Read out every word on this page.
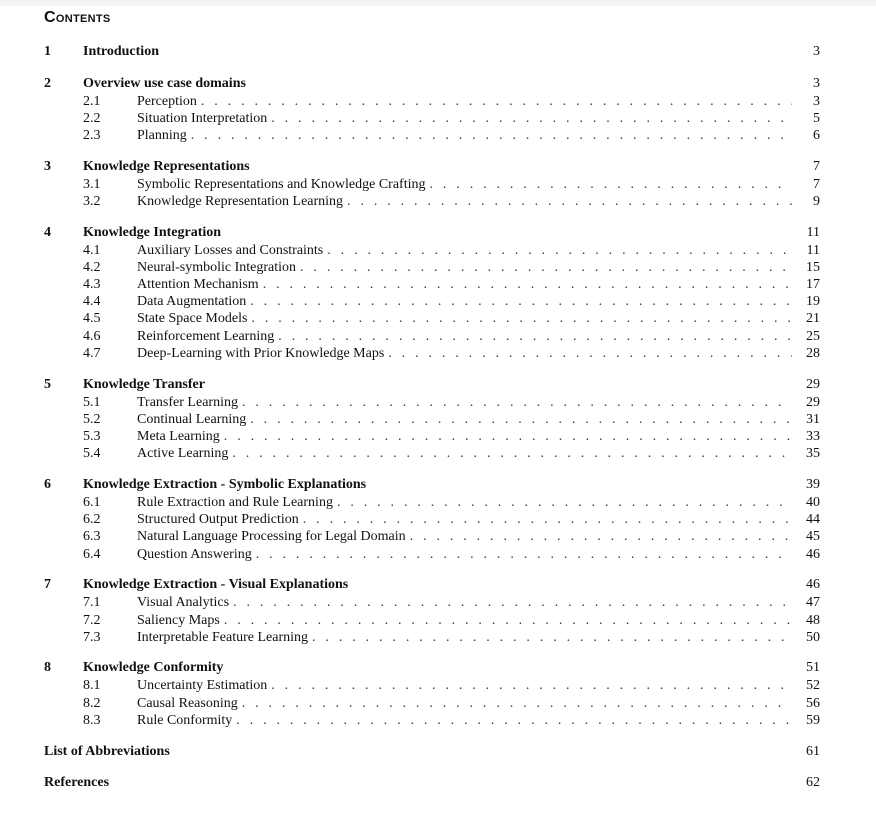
Contents
1	Introduction	3
2	Overview use case domains	3
2.1	Perception . . .	3
2.2	Situation Interpretation . . .	5
2.3	Planning . . .	6
3	Knowledge Representations	7
3.1	Symbolic Representations and Knowledge Crafting . . .	7
3.2	Knowledge Representation Learning . . .	9
4	Knowledge Integration	11
4.1	Auxiliary Losses and Constraints . . .	11
4.2	Neural-symbolic Integration . . .	15
4.3	Attention Mechanism . . .	17
4.4	Data Augmentation . . .	19
4.5	State Space Models . . .	21
4.6	Reinforcement Learning . . .	25
4.7	Deep-Learning with Prior Knowledge Maps . . .	28
5	Knowledge Transfer	29
5.1	Transfer Learning . . .	29
5.2	Continual Learning . . .	31
5.3	Meta Learning . . .	33
5.4	Active Learning . . .	35
6	Knowledge Extraction - Symbolic Explanations	39
6.1	Rule Extraction and Rule Learning . . .	40
6.2	Structured Output Prediction . . .	44
6.3	Natural Language Processing for Legal Domain . . .	45
6.4	Question Answering . . .	46
7	Knowledge Extraction - Visual Explanations	46
7.1	Visual Analytics . . .	47
7.2	Saliency Maps . . .	48
7.3	Interpretable Feature Learning . . .	50
8	Knowledge Conformity	51
8.1	Uncertainty Estimation . . .	52
8.2	Causal Reasoning . . .	56
8.3	Rule Conformity . . .	59
List of Abbreviations	61
References	62
